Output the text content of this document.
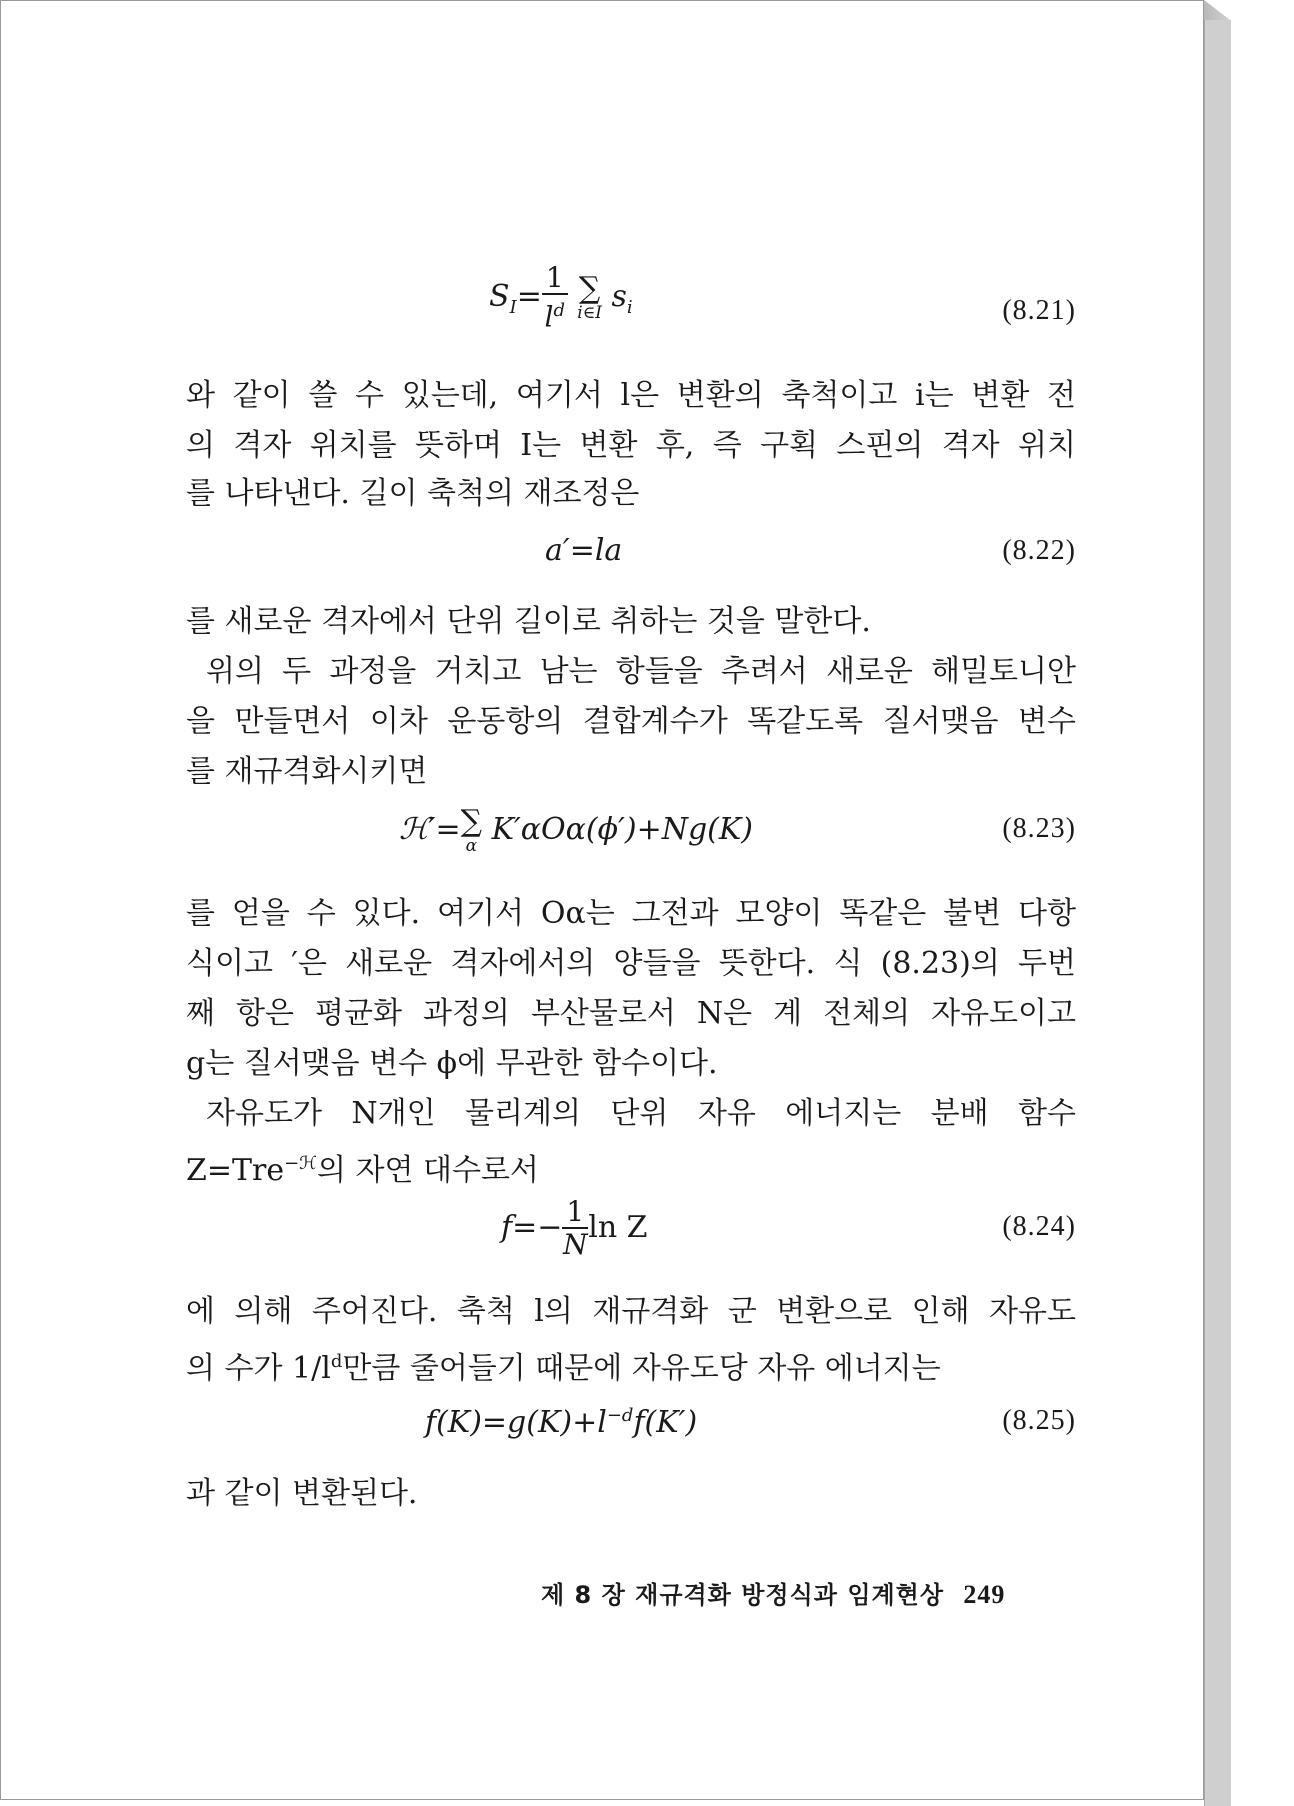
$S_I= \frac{1}{l^d}$
∑
i∈I $s_i$	(8.21)
와 같이 쓸 수 있는데, 여기서 l은 변환의 축척이고 i는 변환 전
의 격자 위치를 뜻하며 I는 변환 후, 즉 구획 스핀의 격자 위치
를 나타낸다. 길이 축척의 재조정은
a′=la	(8.22)
를 새로운 격자에서 단위 길이로 취하는 것을 말한다.
위의 두 과정을 거치고 남는 항들을 추려서 새로운 해밀토니안
을 만들면서 이차 운동항의 결합계수가 똑같도록 질서맺음 변수
를 재규격화시키면
ℋ′= ∑
α K′αOα(ϕ′)+Ng(K)	(8.23)
를 얻을 수 있다. 여기서 Oα는 그전과 모양이 똑같은 불변 다항
식이고 ′은 새로운 격자에서의 양들을 뜻한다. 식 (8.23)의 두번
째 항은 평균화 과정의 부산물로서 N은 계 전체의 자유도이고
g는 질서맺음 변수 ϕ에 무관한 함수이다.
자유도가 N개인 물리계의 단위 자유 에너지는 분배 함수
Z=Tre$^{-ℋ}$의 자연 대수로서
$f=- \frac{1}{N}$ ln Z	(8.24)
에 의해 주어진다. 축척 l의 재규격화 군 변환으로 인해 자유도
의 수가 $1/l^d$만큼 줄어들기 때문에 자유도당 자유 에너지는
$f(K)=g(K)+l^{-d}f(K')$	(8.25)
과 같이 변환된다.
제 8 장 재규격화 방정식과 임계현상 249
